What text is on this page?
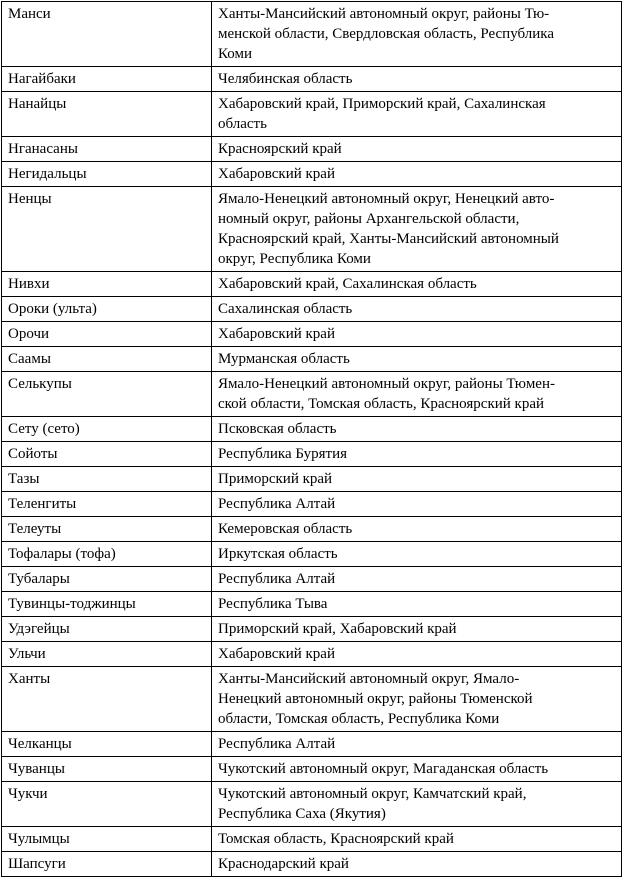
Манси	Ханты-Мансийский автономный округ, районы Тю-
менской области, Свердловская область, Республика
Коми

Нагайбаки	Челябинская область

Нанайцы	Хабаровский край, Приморский край, Сахалинская
область

Нганасаны	Красноярский край

Негидальцы	Хабаровский край

Ненцы	Ямало-Ненецкий автономный округ, Ненецкий авто-
номный округ, районы Архангельской области,
Красноярский край, Ханты-Мансийский автономный
округ, Республика Коми

Нивхи	Хабаровский край, Сахалинская область

Ороки (ульта)	Сахалинская область

Орочи	Хабаровский край

Саамы	Мурманская область

Селькупы	Ямало-Ненецкий автономный округ, районы Тюмен-
ской области, Томская область, Красноярский край

Сету (сето)	Псковская область

Сойоты	Республика Бурятия

Тазы	Приморский край

Теленгиты	Республика Алтай

Телеуты	Кемеровская область

Тофалары (тофа)	Иркутская область

Тубалары	Республика Алтай

Тувинцы-тоджинцы	Республика Тыва

Удэгейцы	Приморский край, Хабаровский край

Ульчи	Хабаровский край

Ханты	Ханты-Мансийский автономный округ, Ямало-
Ненецкий автономный округ, районы Тюменской
области, Томская область, Республика Коми

Челканцы	Республика Алтай

Чуванцы	Чукотский автономный округ, Магаданская область

Чукчи	Чукотский автономный округ, Камчатский край,
Республика Саха (Якутия)

Чулымцы	Томская область, Красноярский край

Шапсуги	Краснодарский край
